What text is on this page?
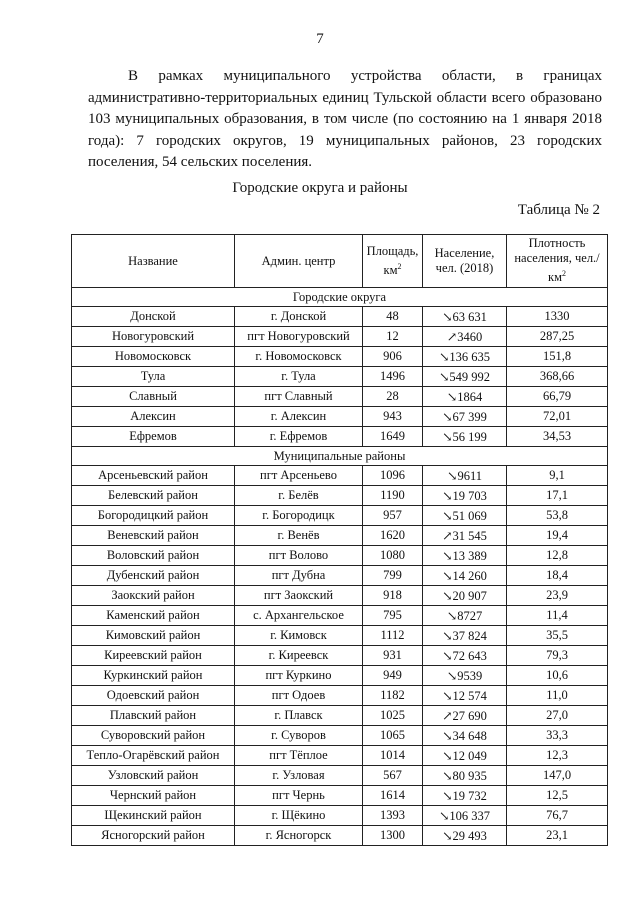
7
В рамках муниципального устройства области, в границах административно-территориальных единиц Тульской области всего образовано 103 муниципальных образования, в том числе (по состоянию на 1 января 2018 года): 7 городских округов, 19 муниципальных районов, 23 городских поселения, 54 сельских поселения.
Городские округа и районы
Таблица № 2
Название	Админ. центр	Площадь, $км^2$	Население, чел. (2018)	Плотность населения, $чел./км^2$
Городские округа				
Донской	г. Донской	48	↘63 631	1330
Новогуровский	пгт Новогуровский	12	↗3460	287,25
Новомосковск	г. Новомосковск	906	↘136 635	151,8
Тула	г. Тула	1496	↘549 992	368,66
Славный	пгт Славный	28	↘1864	66,79
Алексин	г. Алексин	943	↘67 399	72,01
Ефремов	г. Ефремов	1649	↘56 199	34,53
Муниципальные районы				
Арсеньевский район	пгт Арсеньево	1096	↘9611	9,1
Белевский район	г. Белёв	1190	↘19 703	17,1
Богородицкий район	г. Богородицк	957	↘51 069	53,8
Веневский район	г. Венёв	1620	↗31 545	19,4
Воловский район	пгт Волово	1080	↘13 389	12,8
Дубенский район	пгт Дубна	799	↘14 260	18,4
Заокский район	пгт Заокский	918	↘20 907	23,9
Каменский район	с. Архангельское	795	↘8727	11,4
Кимовский район	г. Кимовск	1112	↘37 824	35,5
Киреевский район	г. Киреевск	931	↘72 643	79,3
Куркинский район	пгт Куркино	949	↘9539	10,6
Одоевский район	пгт Одоев	1182	↘12 574	11,0
Плавский район	г. Плавск	1025	↗27 690	27,0
Суворовский район	г. Суворов	1065	↘34 648	33,3
Тепло-Огарёвский район	пгт Тёплое	1014	↘12 049	12,3
Узловский район	г. Узловая	567	↘80 935	147,0
Чернский район	пгт Чернь	1614	↘19 732	12,5
Щекинский район	г. Щёкино	1393	↘106 337	76,7
Ясногорский район	г. Ясногорск	1300	↘29 493	23,1
